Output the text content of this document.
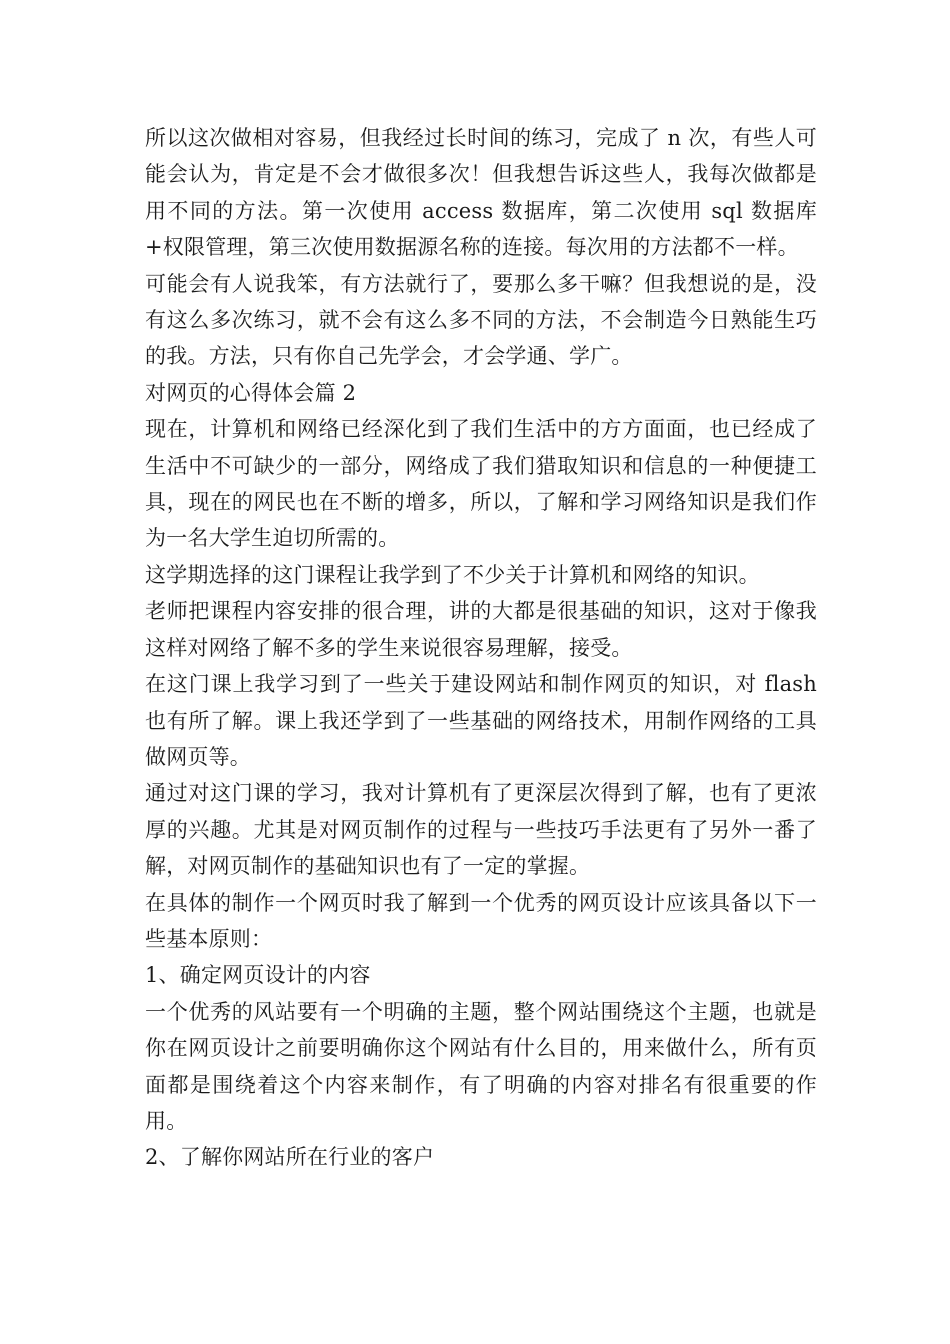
所以这次做相对容易，但我经过长时间的练习，完成了 n 次，有些人可能会认为，肯定是不会才做很多次！但我想告诉这些人，我每次做都是用不同的方法。第一次使用 access 数据库，第二次使用 sql 数据库+权限管理，第三次使用数据源名称的连接。每次用的方法都不一样。

可能会有人说我笨，有方法就行了，要那么多干嘛？但我想说的是，没有这么多次练习，就不会有这么多不同的方法，不会制造今日熟能生巧的我。方法，只有你自己先学会，才会学通、学广。

对网页的心得体会篇 2

现在，计算机和网络已经深化到了我们生活中的方方面面，也已经成了生活中不可缺少的一部分，网络成了我们猎取知识和信息的一种便捷工具，现在的网民也在不断的增多，所以，了解和学习网络知识是我们作为一名大学生迫切所需的。

这学期选择的这门课程让我学到了不少关于计算机和网络的知识。

老师把课程内容安排的很合理，讲的大都是很基础的知识，这对于像我这样对网络了解不多的学生来说很容易理解，接受。

在这门课上我学习到了一些关于建设网站和制作网页的知识，对 flash 也有所了解。课上我还学到了一些基础的网络技术，用制作网络的工具做网页等。

通过对这门课的学习，我对计算机有了更深层次得到了解，也有了更浓厚的兴趣。尤其是对网页制作的过程与一些技巧手法更有了另外一番了解，对网页制作的基础知识也有了一定的掌握。

在具体的制作一个网页时我了解到一个优秀的网页设计应该具备以下一些基本原则：

1、确定网页设计的内容

一个优秀的风站要有一个明确的主题，整个网站围绕这个主题，也就是你在网页设计之前要明确你这个网站有什么目的，用来做什么，所有页面都是围绕着这个内容来制作，有了明确的内容对排名有很重要的作用。

2、了解你网站所在行业的客户
